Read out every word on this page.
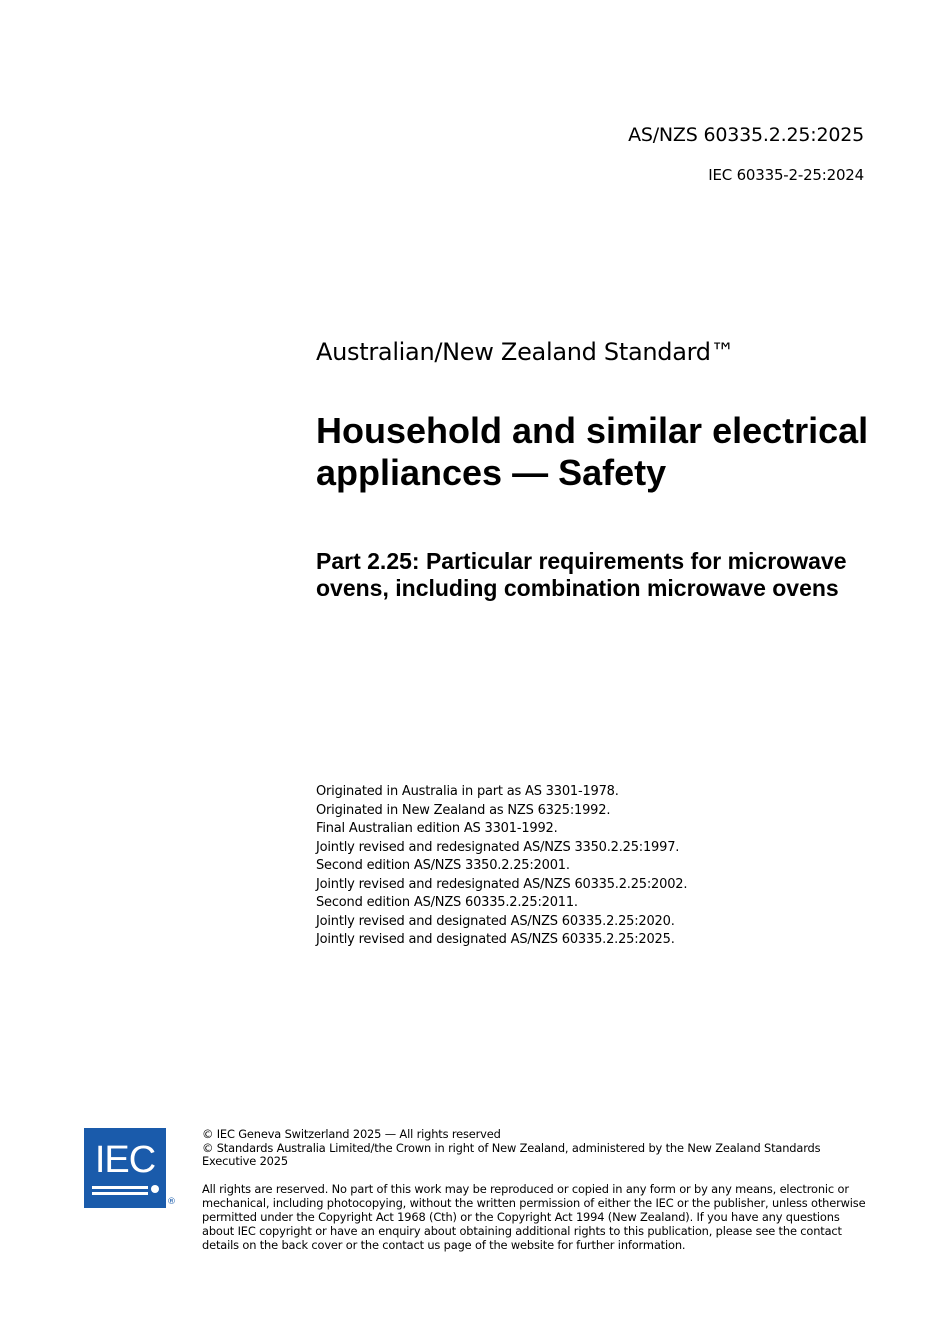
AS/NZS 60335.2.25:2025
IEC 60335-2-25:2024
Australian/New Zealand Standard™
Household and similar electrical appliances — Safety
Part 2.25: Particular requirements for microwave ovens, including combination microwave ovens
Originated in Australia in part as AS 3301-1978.
Originated in New Zealand as NZS 6325:1992.
Final Australian edition AS 3301-1992.
Jointly revised and redesignated AS/NZS 3350.2.25:1997.
Second edition AS/NZS 3350.2.25:2001.
Jointly revised and redesignated AS/NZS 60335.2.25:2002.
Second edition AS/NZS 60335.2.25:2011.
Jointly revised and designated AS/NZS 60335.2.25:2020.
Jointly revised and designated AS/NZS 60335.2.25:2025.
IEC
®

© IEC Geneva Switzerland 2025 — All rights reserved

© Standards Australia Limited/the Crown in right of New Zealand, administered by the New Zealand Standards Executive 2025

All rights are reserved. No part of this work may be reproduced or copied in any form or by any means, electronic or mechanical, including photocopying, without the written permission of either the IEC or the publisher, unless otherwise permitted under the Copyright Act 1968 (Cth) or the Copyright Act 1994 (New Zealand). If you have any questions about IEC copyright or have an enquiry about obtaining additional rights to this publication, please see the contact details on the back cover or the contact us page of the website for further information.
